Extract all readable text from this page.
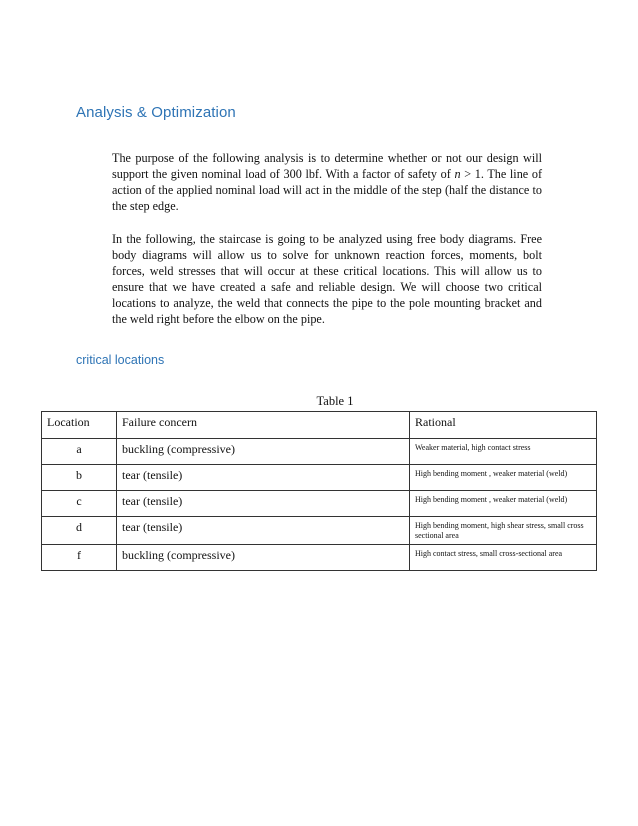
Analysis & Optimization
The purpose of the following analysis is to determine whether or not our design will support the given nominal load of 300 lbf. With a factor of safety of n > 1. The line of action of the applied nominal load will act in the middle of the step (half the distance to the step edge.
In the following, the staircase is going to be analyzed using free body diagrams. Free body diagrams will allow us to solve for unknown reaction forces, moments, bolt forces, weld stresses that will occur at these critical locations. This will allow us to ensure that we have created a safe and reliable design. We will choose two critical locations to analyze, the weld that connects the pipe to the pole mounting bracket and the weld right before the elbow on the pipe.
critical locations
Table 1
Location	Failure concern	Rational
a	buckling (compressive)	Weaker material, high contact stress
b	tear (tensile)	High bending moment , weaker material (weld)
c	tear (tensile)	High bending moment , weaker material (weld)
d	tear (tensile)	High bending moment, high shear stress, small cross sectional area
f	buckling (compressive)	High contact stress, small cross-sectional area
